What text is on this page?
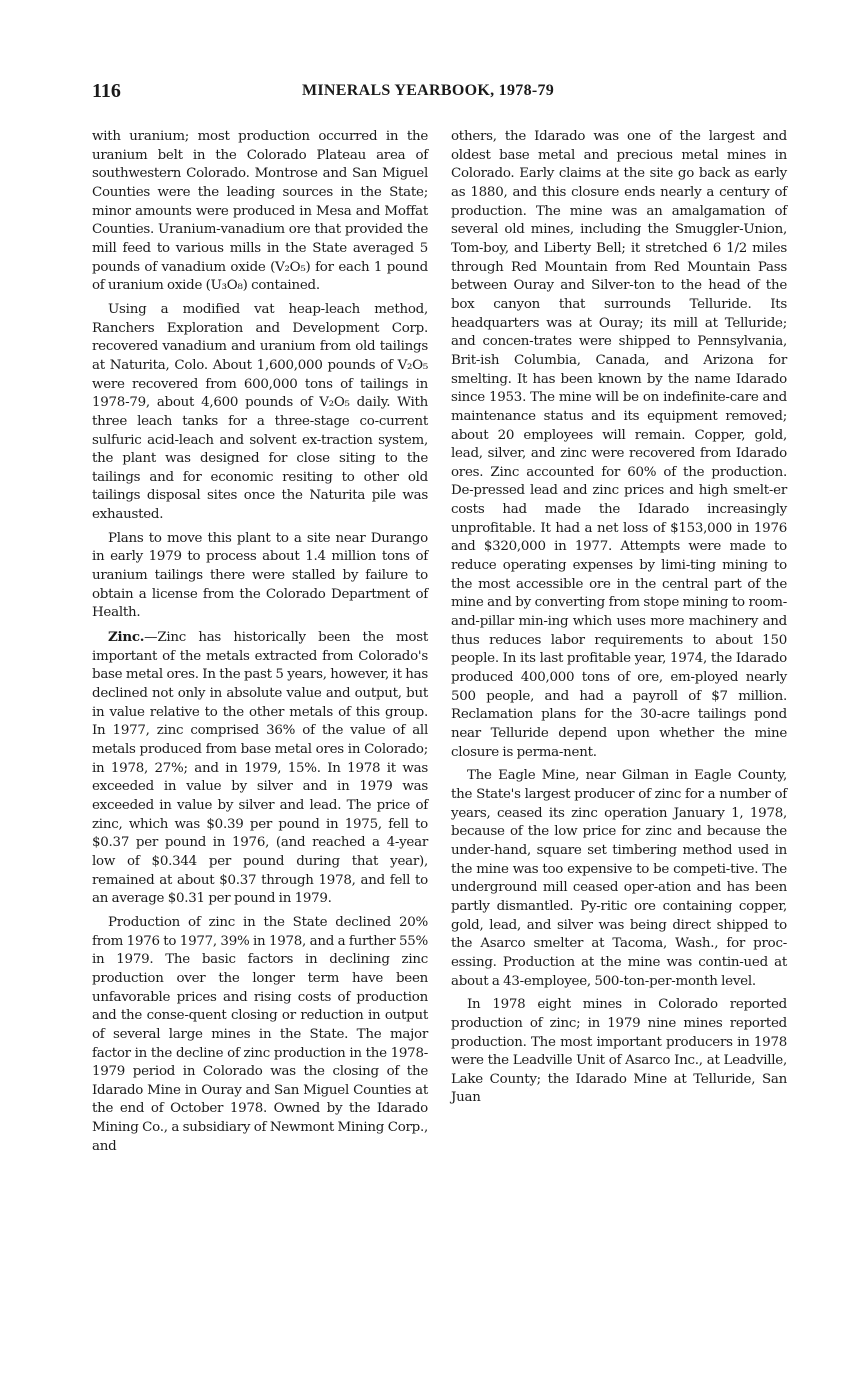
116	MINERALS YEARBOOK, 1978-79

with uranium; most production occurred in the uranium belt in the Colorado Plateau area of southwestern Colorado. Montrose and San Miguel Counties were the leading sources in the State; minor amounts were produced in Mesa and Moffat Counties. Uranium-vanadium ore that provided the mill feed to various mills in the State averaged 5 pounds of vanadium oxide (V₂O₅) for each 1 pound of uranium oxide (U₃O₈) contained.

Using a modified vat heap-leach method, Ranchers Exploration and Development Corp. recovered vanadium and uranium from old tailings at Naturita, Colo. About 1,600,000 pounds of V₂O₅ were recovered from 600,000 tons of tailings in 1978-79, about 4,600 pounds of V₂O₅ daily. With three leach tanks for a three-stage co-current sulfuric acid-leach and solvent ex-traction system, the plant was designed for close siting to the tailings and for economic resiting to other old tailings disposal sites once the Naturita pile was exhausted.

Plans to move this plant to a site near Durango in early 1979 to process about 1.4 million tons of uranium tailings there were stalled by failure to obtain a license from the Colorado Department of Health.

Zinc.—Zinc has historically been the most important of the metals extracted from Colorado's base metal ores. In the past 5 years, however, it has declined not only in absolute value and output, but in value relative to the other metals of this group. In 1977, zinc comprised 36% of the value of all metals produced from base metal ores in Colorado; in 1978, 27%; and in 1979, 15%. In 1978 it was exceeded in value by silver and in 1979 was exceeded in value by silver and lead. The price of zinc, which was $0.39 per pound in 1975, fell to $0.37 per pound in 1976, (and reached a 4-year low of $0.344 per pound during that year), remained at about $0.37 through 1978, and fell to an average $0.31 per pound in 1979.

Production of zinc in the State declined 20% from 1976 to 1977, 39% in 1978, and a further 55% in 1979. The basic factors in declining zinc production over the longer term have been unfavorable prices and rising costs of production and the conse-quent closing or reduction in output of several large mines in the State. The major factor in the decline of zinc production in the 1978-1979 period in Colorado was the closing of the Idarado Mine in Ouray and San Miguel Counties at the end of October 1978. Owned by the Idarado Mining Co., a subsidiary of Newmont Mining Corp., and

others, the Idarado was one of the largest and oldest base metal and precious metal mines in Colorado. Early claims at the site go back as early as 1880, and this closure ends nearly a century of production. The mine was an amalgamation of several old mines, including the Smuggler-Union, Tom-boy, and Liberty Bell; it stretched 6 1/2 miles through Red Mountain from Red Mountain Pass between Ouray and Silver-ton to the head of the box canyon that surrounds Telluride. Its headquarters was at Ouray; its mill at Telluride; and concen-trates were shipped to Pennsylvania, Brit-ish Columbia, Canada, and Arizona for smelting. It has been known by the name Idarado since 1953. The mine will be on indefinite-care and maintenance status and its equipment removed; about 20 employees will remain. Copper, gold, lead, silver, and zinc were recovered from Idarado ores. Zinc accounted for 60% of the production. De-pressed lead and zinc prices and high smelt-er costs had made the Idarado increasingly unprofitable. It had a net loss of $153,000 in 1976 and $320,000 in 1977. Attempts were made to reduce operating expenses by limi-ting mining to the most accessible ore in the central part of the mine and by converting from stope mining to room-and-pillar min-ing which uses more machinery and thus reduces labor requirements to about 150 people. In its last profitable year, 1974, the Idarado produced 400,000 tons of ore, em-ployed nearly 500 people, and had a payroll of $7 million. Reclamation plans for the 30-acre tailings pond near Telluride depend upon whether the mine closure is perma-nent.

The Eagle Mine, near Gilman in Eagle County, the State's largest producer of zinc for a number of years, ceased its zinc operation January 1, 1978, because of the low price for zinc and because the under-hand, square set timbering method used in the mine was too expensive to be competi-tive. The underground mill ceased oper-ation and has been partly dismantled. Py-ritic ore containing copper, gold, lead, and silver was being direct shipped to the Asarco smelter at Tacoma, Wash., for proc-essing. Production at the mine was contin-ued at about a 43-employee, 500-ton-per-month level.

In 1978 eight mines in Colorado reported production of zinc; in 1979 nine mines reported production. The most important producers in 1978 were the Leadville Unit of Asarco Inc., at Leadville, Lake County; the Idarado Mine at Telluride, San Juan
